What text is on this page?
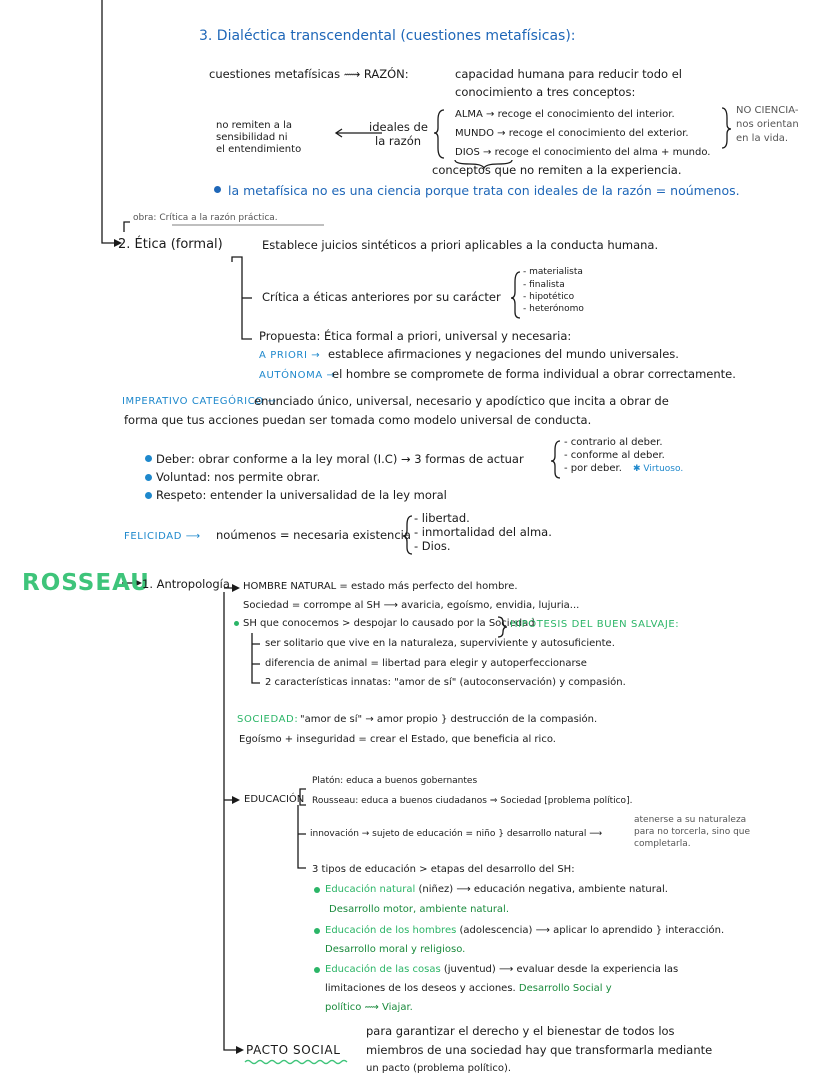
3. Dialéctica transcendental (cuestiones metafísicas):
cuestiones metafísicas ⟿ RAZÓN:	capacidad humana para reducir todo el
conocimiento a tres conceptos:
no remiten a la
sensibilidad ni
el entendimiento
ideales de
la razón
ALMA → recoge el conocimiento del interior.
MUNDO → recoge el conocimiento del exterior.
DIOS → recoge el conocimiento del alma + mundo.
NO CIENCIA-
nos orientan
en la vida.
conceptos que no remiten a la experiencia.
la metafísica no es una ciencia porque trata con ideales de la razón = noúmenos.
obra: Crítica a la razón práctica.
2. Ética (formal)	Establece juicios sintéticos a priori aplicables a la conducta humana.
Crítica a éticas anteriores por su carácter
- materialista
- finalista
- hipotético
- heterónomo
Propuesta: Ética formal a priori, universal y necesaria:
A PRIORI → establece afirmaciones y negaciones del mundo universales.
AUTÓNOMA →
el hombre se compromete de forma individual a obrar correctamente.
IMPERATIVO CATEGÓRICO →
enunciado único, universal, necesario y apodíctico que incita a obrar de
forma que tus acciones puedan ser tomada como modelo universal de conducta.
Deber: obrar conforme a la ley moral (I.C) → 3 formas de actuar
- contrario al deber.
- conforme al deber.
- por deber. ✱ Virtuoso.
Voluntad: nos permite obrar.
Respeto: entender la universalidad de la ley moral
FELICIDAD ⟶ noúmenos = necesaria existencia
- libertad.
- inmortalidad del alma.
- Dios.
ROSSEAU
1. Antropología HOMBRE NATURAL = estado más perfecto del hombre.
Sociedad = corrompe al SH ⟶ avaricia, egoísmo, envidia, lujuria...
SH que conocemos > despojar lo causado por la Sociedad
HIPÓTESIS DEL BUEN SALVAJE:
ser solitario que vive en la naturaleza, superviviente y autosuficiente.
diferencia de animal = libertad para elegir y autoperfeccionarse
2 características innatas: "amor de sí" (autoconservación) y compasión.
SOCIEDAD: "amor de sí" → amor propio } destrucción de la compasión.
Egoísmo + inseguridad = crear el Estado, que beneficia al rico.
EDUCACIÓN
Platón: educa a buenos gobernantes
Rousseau: educa a buenos ciudadanos ⇒ Sociedad [problema político].
innovación → sujeto de educación = niño } desarrollo natural ⟶
atenerse a su naturaleza
para no torcerla, sino que
completarla.
3 tipos de educación > etapas del desarrollo del SH:
Educación natural (niñez) ⟶ educación negativa, ambiente natural.
Desarrollo motor, ambiente natural.
Educación de los hombres (adolescencia) ⟶ aplicar lo aprendido } interacción.
Desarrollo moral y religioso.
Educación de las cosas (juventud) ⟶ evaluar desde la experiencia las
limitaciones de los deseos y acciones. Desarrollo Social y
político ⟿ Viajar.
PACTO SOCIAL
para garantizar el derecho y el bienestar de todos los
miembros de una sociedad hay que transformarla mediante
un pacto (problema político).
